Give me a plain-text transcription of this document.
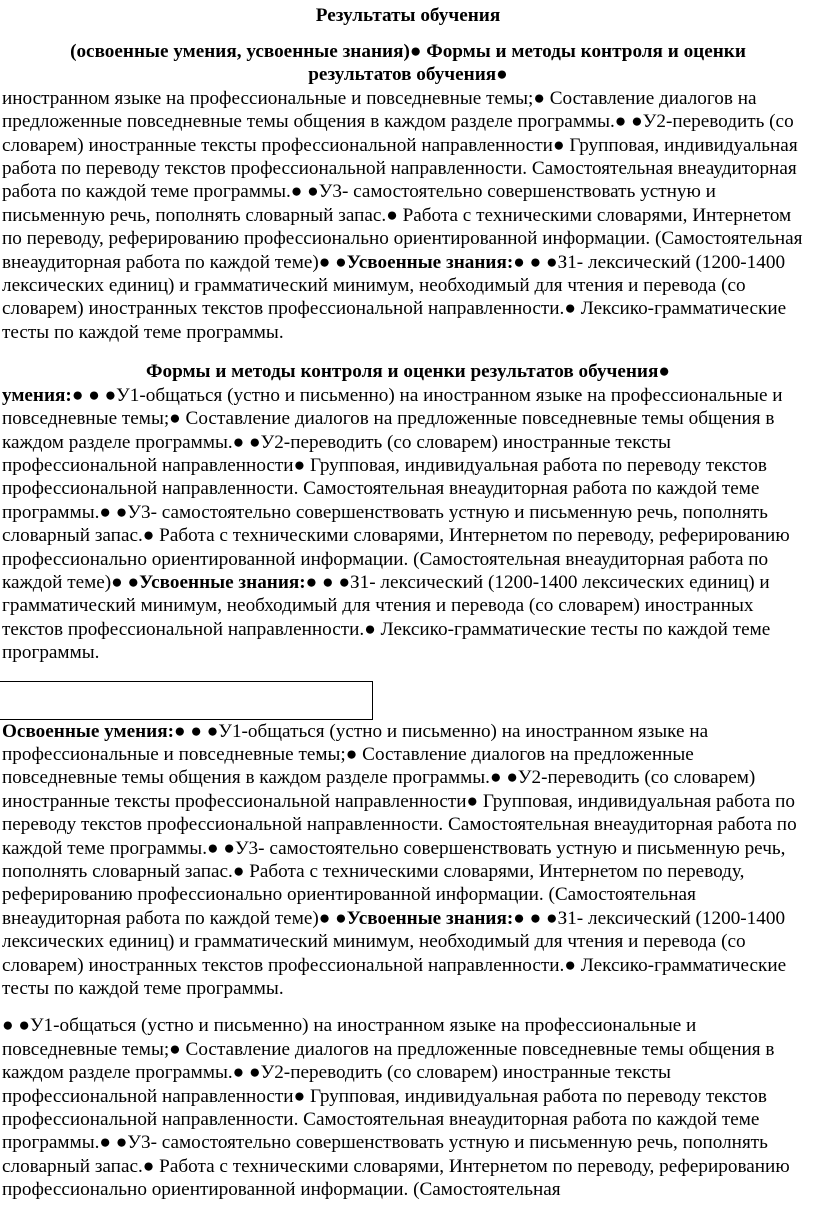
Результаты обучения
(освоенные умения, усвоенные знания)● Формы и методы контроля и оценки результатов обучения●

иностранном языке на профессиональные и повседневные темы;● Составление диалогов на предложенные повседневные темы общения в каждом разделе программы.● ●У2-переводить (со словарем) иностранные тексты профессиональной направленности● Групповая, индивидуальная работа по переводу текстов профессиональной направленности. Самостоятельная внеаудиторная работа по каждой теме программы.● ●У3- самостоятельно совершенствовать устную и письменную речь, пополнять словарный запас.● Работа с техническими словарями, Интернетом по переводу, реферированию профессионально ориентированной информации. (Самостоятельная внеаудиторная работа по каждой теме)● ●Усвоенные знания:● ● ●З1- лексический (1200-1400 лексических единиц) и грамматический минимум, необходимый для чтения и перевода (со словарем) иностранных текстов профессиональной направленности.● Лексико-грамматические тесты по каждой теме программы.

Формы и методы контроля и оценки результатов обучения●

умения:● ● ●У1-общаться (устно и письменно) на иностранном языке на профессиональные и повседневные темы;● Составление диалогов на предложенные повседневные темы общения в каждом разделе программы.● ●У2-переводить (со словарем) иностранные тексты профессиональной направленности● Групповая, индивидуальная работа по переводу текстов профессиональной направленности. Самостоятельная внеаудиторная работа по каждой теме программы.● ●У3- самостоятельно совершенствовать устную и письменную речь, пополнять словарный запас.● Работа с техническими словарями, Интернетом по переводу, реферированию профессионально ориентированной информации. (Самостоятельная внеаудиторная работа по каждой теме)● ●Усвоенные знания:● ● ●З1- лексический (1200-1400 лексических единиц) и грамматический минимум, необходимый для чтения и перевода (со словарем) иностранных текстов профессиональной направленности.● Лексико-грамматические тесты по каждой теме программы.

Освоенные умения:● ● ●У1-общаться (устно и письменно) на иностранном языке на профессиональные и повседневные темы;● Составление диалогов на предложенные повседневные темы общения в каждом разделе программы.● ●У2-переводить (со словарем) иностранные тексты профессиональной направленности● Групповая, индивидуальная работа по переводу текстов профессиональной направленности. Самостоятельная внеаудиторная работа по каждой теме программы.● ●У3- самостоятельно совершенствовать устную и письменную речь, пополнять словарный запас.● Работа с техническими словарями, Интернетом по переводу, реферированию профессионально ориентированной информации. (Самостоятельная внеаудиторная работа по каждой теме)● ●Усвоенные знания:● ● ●З1- лексический (1200-1400 лексических единиц) и грамматический минимум, необходимый для чтения и перевода (со словарем) иностранных текстов профессиональной направленности.● Лексико-грамматические тесты по каждой теме программы.

● ●У1-общаться (устно и письменно) на иностранном языке на профессиональные и повседневные темы;● Составление диалогов на предложенные повседневные темы общения в каждом разделе программы.● ●У2-переводить (со словарем) иностранные тексты профессиональной направленности● Групповая, индивидуальная работа по переводу текстов профессиональной направленности. Самостоятельная внеаудиторная работа по каждой теме программы.● ●У3- самостоятельно совершенствовать устную и письменную речь, пополнять словарный запас.● Работа с техническими словарями, Интернетом по переводу, реферированию профессионально ориентированной информации. (Самостоятельная
